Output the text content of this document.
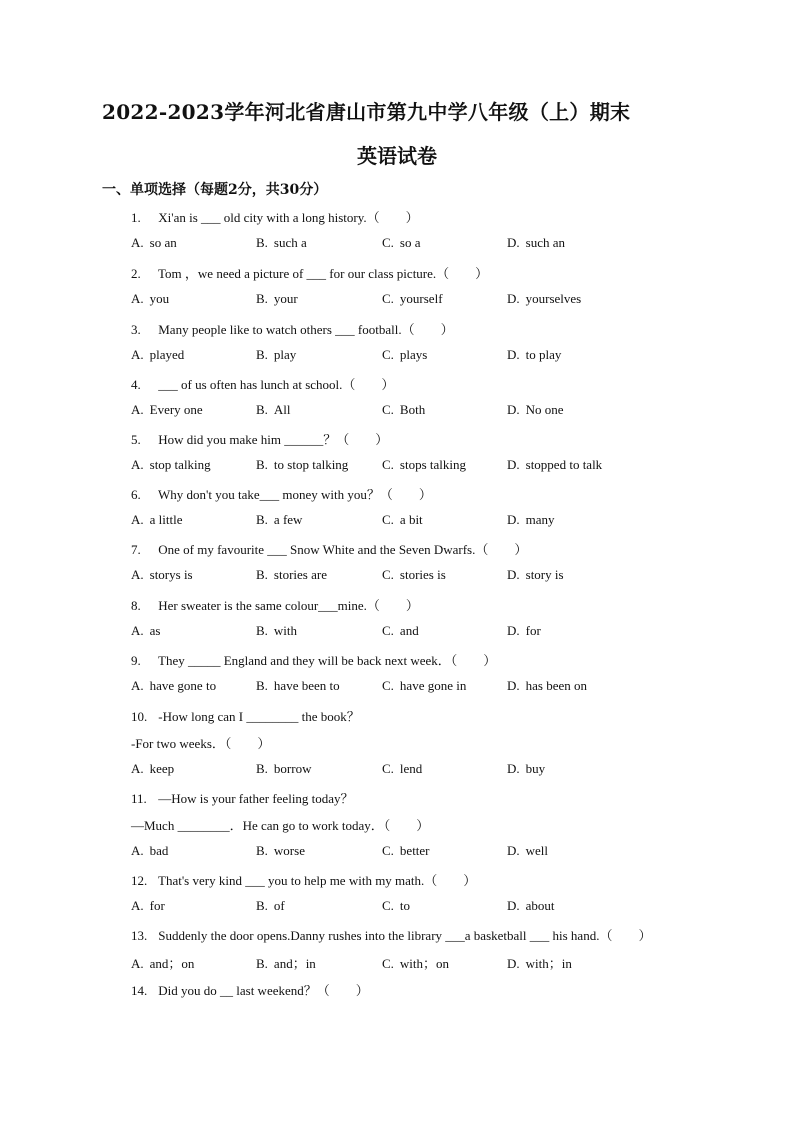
2022-2023学年河北省唐山市第九中学八年级（上）期末
英语试卷
一、单项选择（每题2分，共30分）
1. Xi'an is ___ old city with a long history.（　　）
A. so an	B. such a	C. so a	D. such an
2. Tom ，we need a picture of ___ for our class picture.（　　）
A. you	B. your	C. yourself	D. yourselves
3. Many people like to watch others ___ football.（　　）
A. played	B. play	C. plays	D. to play
4. ___ of us often has lunch at school.（　　）
A. Every one	B. All	C. Both	D. No one
5. How did you make him ______？（　　）
A. stop talking	B. to stop talking	C. stops talking	D. stopped to talk
6. Why don't you take___ money with you？（　　）
A. a little	B. a few	C. a bit	D. many
7. One of my favourite ___ Snow White and the Seven Dwarfs.（　　）
A. storys is	B. stories are	C. stories is	D. story is
8. Her sweater is the same colour___mine.（　　）
A. as	B. with	C. and	D. for
9. They _____ England and they will be back next week．（　　）
A. have gone to	B. have been to	C. have gone in	D. has been on
10. -How long can I ________ the book？
-For two weeks．（　　）
A. keep	B. borrow	C. lend	D. buy
11. —How is your father feeling today？
—Much ________．He can go to work today．（　　）
A. bad	B. worse	C. better	D. well
12. That's very kind ___ you to help me with my math.（　　）
A. for	B. of	C. to	D. about
13. Suddenly the door opens.Danny rushes into the library ___a basketball ___ his hand.（　　）
A. and；on	B. and；in	C. with；on	D. with；in
14. Did you do __ last weekend？（　　）
